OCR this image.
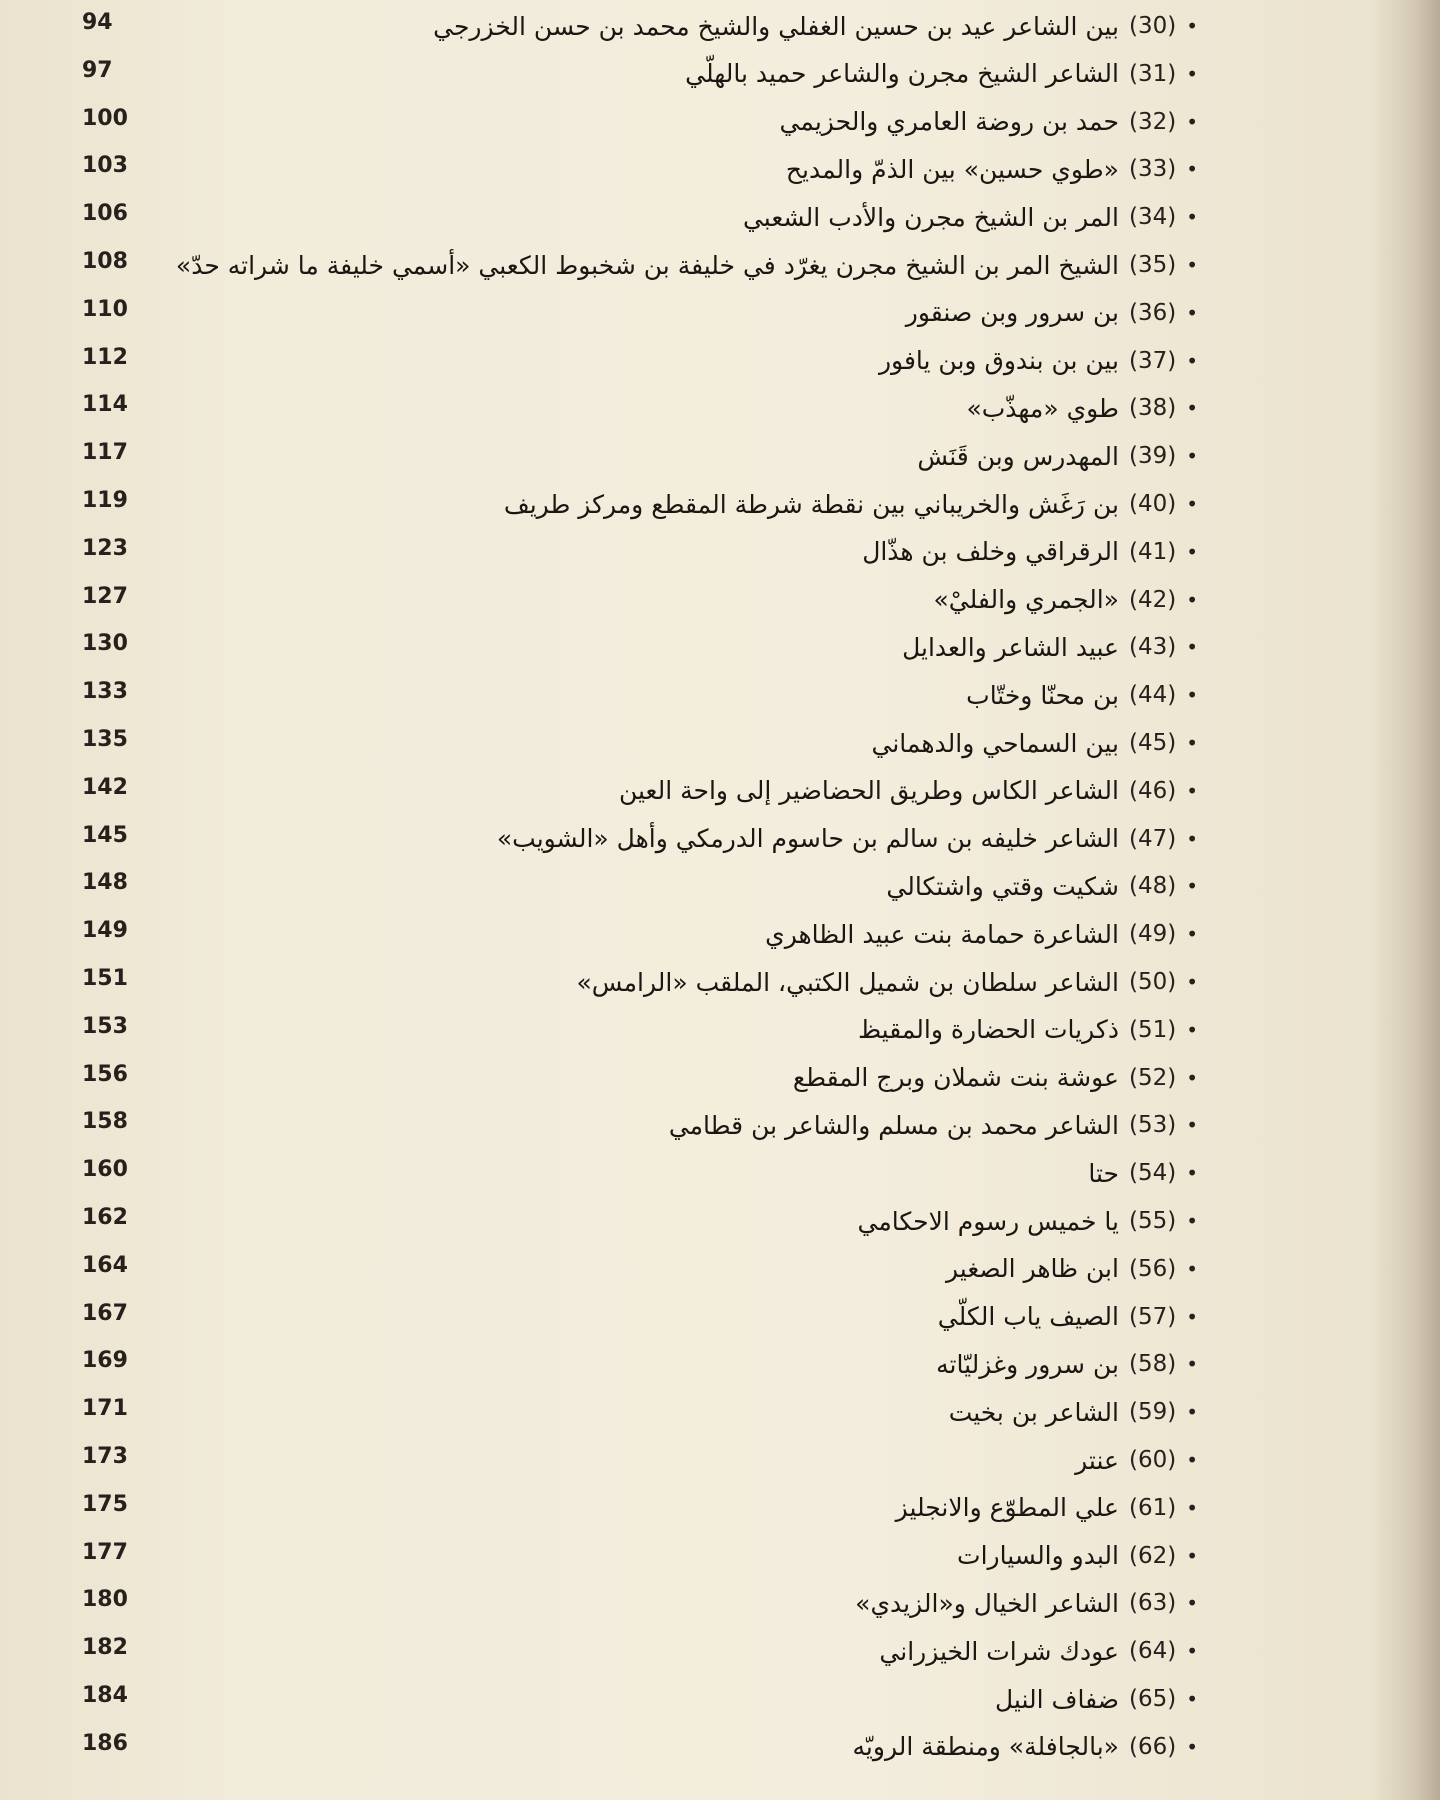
94	•
(30)
بين الشاعر عيد بن حسين الغفلي والشيخ محمد بن حسن الخزرجي
97	•
(31)
الشاعر الشيخ مجرن والشاعر حميد بالهلّي
100	•
(32)
حمد بن روضة العامري والحزيمي
103	•
(33)
«طوي حسين» بين الذمّ والمديح
106	•
(34)
المر بن الشيخ مجرن والأدب الشعبي
108	•
(35)
الشيخ المر بن الشيخ مجرن يغرّد في خليفة بن شخبوط الكعبي «أسمي خليفة ما شراته حدّ»
110	•
(36)
بن سرور وبن صنقور
112	•
(37)
بين بن بندوق وبن يافور
114	•
(38)
طوي «مهذّب»
117	•
(39)
المهدرس وبن قَنَش
119	•
(40)
بن رَغَش والخريباني بين نقطة شرطة المقطع ومركز طريف
123	•
(41)
الرقراقي وخلف بن هذّال
127	•
(42)
«الجمري والفليْ»
130	•
(43)
عبيد الشاعر والعدايل
133	•
(44)
بن محنّا وختّاب
135	•
(45)
بين السماحي والدهماني
142	•
(46)
الشاعر الكاس وطريق الحضاضير إلى واحة العين
145	•
(47)
الشاعر خليفه بن سالم بن حاسوم الدرمكي وأهل «الشويب»
148	•
(48)
شكيت وقتي واشتكالي
149	•
(49)
الشاعرة حمامة بنت عبيد الظاهري
151	•
(50)
الشاعر سلطان بن شميل الكتبي، الملقب «الرامس»
153	•
(51)
ذكريات الحضارة والمقيظ
156	•
(52)
عوشة بنت شملان وبرج المقطع
158	•
(53)
الشاعر محمد بن مسلم والشاعر بن قطامي
160	•
(54)
حتا
162	•
(55)
يا خميس رسوم الاحكامي
164	•
(56)
ابن ظاهر الصغير
167	•
(57)
الصيف ياب الكلّي
169	•
(58)
بن سرور وغزليّاته
171	•
(59)
الشاعر بن بخيت
173	•
(60)
عنتر
175	•
(61)
علي المطوّع والانجليز
177	•
(62)
البدو والسيارات
180	•
(63)
الشاعر الخيال و«الزيدي»
182	•
(64)
عودك شرات الخيزراني
184	•
(65)
ضفاف النيل
186	•
(66)
«بالجافلة» ومنطقة الرويّه
